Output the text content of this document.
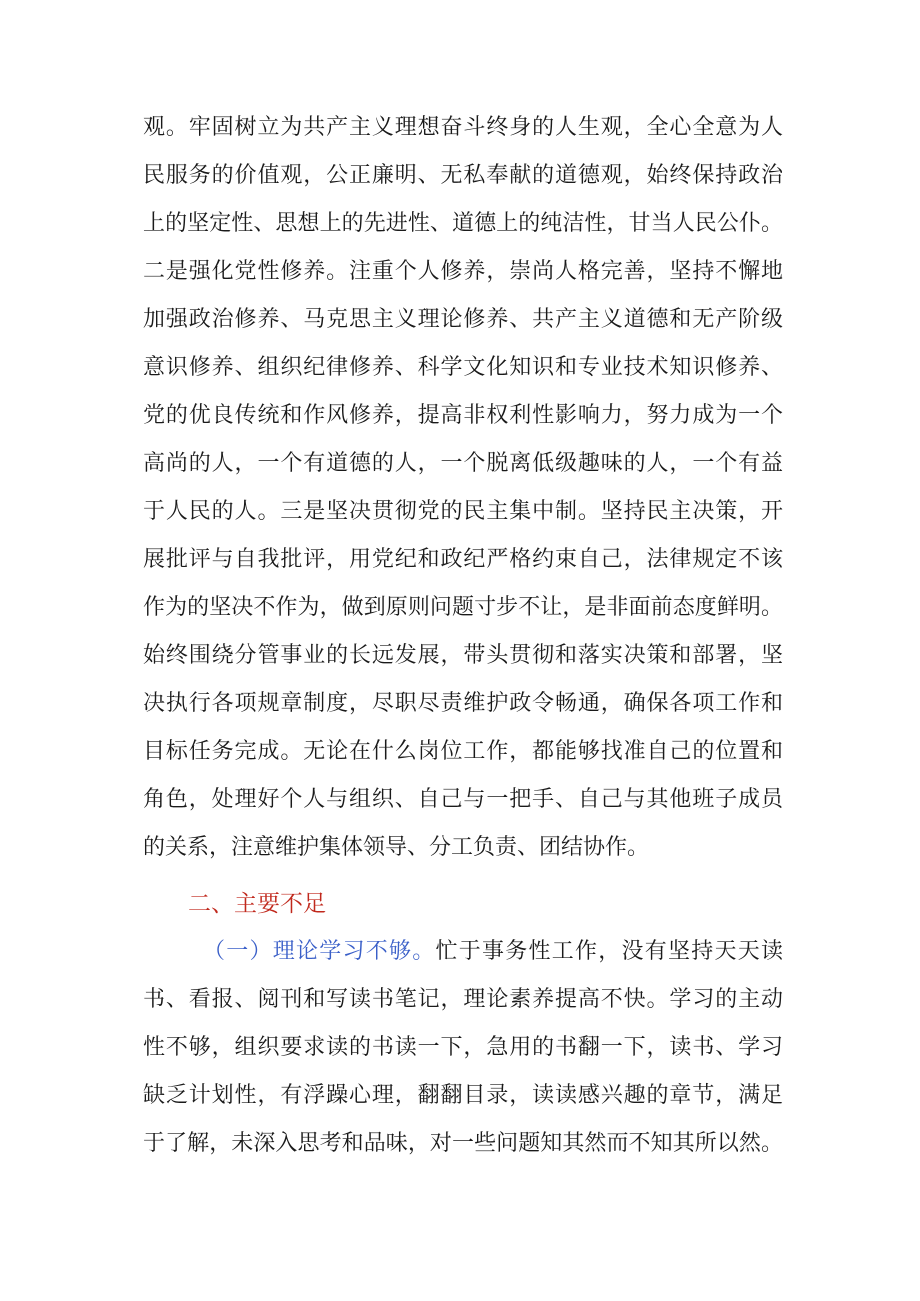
观。牢固树立为共产主义理想奋斗终身的人生观，全心全意为人
民服务的价值观，公正廉明、无私奉献的道德观，始终保持政治
上的坚定性、思想上的先进性、道德上的纯洁性，甘当人民公仆。
二是强化党性修养。注重个人修养，崇尚人格完善，坚持不懈地
加强政治修养、马克思主义理论修养、共产主义道德和无产阶级
意识修养、组织纪律修养、科学文化知识和专业技术知识修养、
党的优良传统和作风修养，提高非权利性影响力，努力成为一个
高尚的人，一个有道德的人，一个脱离低级趣味的人，一个有益
于人民的人。三是坚决贯彻党的民主集中制。坚持民主决策，开
展批评与自我批评，用党纪和政纪严格约束自己，法律规定不该
作为的坚决不作为，做到原则问题寸步不让，是非面前态度鲜明。
始终围绕分管事业的长远发展，带头贯彻和落实决策和部署，坚
决执行各项规章制度，尽职尽责维护政令畅通，确保各项工作和
目标任务完成。无论在什么岗位工作，都能够找准自己的位置和
角色，处理好个人与组织、自己与一把手、自己与其他班子成员
的关系，注意维护集体领导、分工负责、团结协作。
二、主要不足
（一）理论学习不够。忙于事务性工作，没有坚持天天读
书、看报、阅刊和写读书笔记，理论素养提高不快。学习的主动
性不够，组织要求读的书读一下，急用的书翻一下，读书、学习
缺乏计划性，有浮躁心理，翻翻目录，读读感兴趣的章节，满足
于了解，未深入思考和品味，对一些问题知其然而不知其所以然。
